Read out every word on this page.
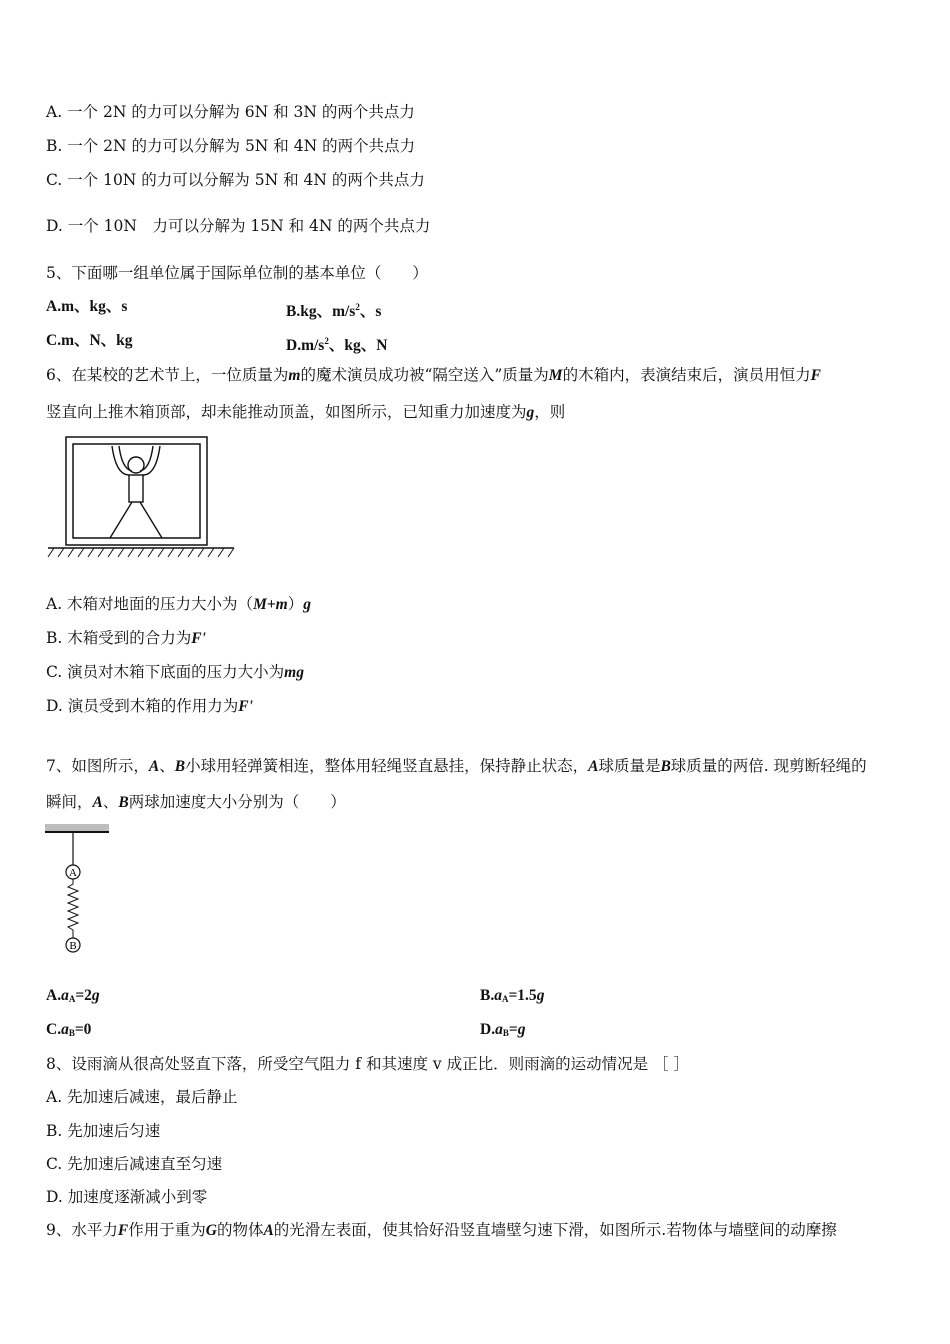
A. 一个 2N 的力可以分解为 6N 和 3N 的两个共点力
B. 一个 2N 的力可以分解为 5N 和 4N 的两个共点力
C. 一个 10N 的力可以分解为 5N 和 4N 的两个共点力
D. 一个 10N　力可以分解为 15N 和 4N 的两个共点力
5、下面哪一组单位属于国际单位制的基本单位（　　）
A.m、kg、s	B.kg、$m/s^2$、s
C.m、N、kg	$D.m/s^2$、kg、N
6、在某校的艺术节上，一位质量为m的魔术演员成功被“隔空送入”质量为M的木箱内，表演结束后，演员用恒力F
竖直向上推木箱顶部，却未能推动顶盖，如图所示，已知重力加速度为g，则
A. 木箱对地面的压力大小为（M+m）g
B. 木箱受到的合力为F'
C. 演员对木箱下底面的压力大小为mg
D. 演员受到木箱的作用力为F'
7、如图所示，A、B小球用轻弹簧相连，整体用轻绳竖直悬挂，保持静止状态，A球质量是B球质量的两倍. 现剪断轻绳的
瞬间，A、B两球加速度大小分别为（　　）
A
B
$A.a_A=2g$	$B.a_A=1.5g$
$C.a_B=0$	$D.a_B=g$
8、设雨滴从很高处竖直下落，所受空气阻力 f 和其速度 v 成正比．则雨滴的运动情况是 ［ ］
A. 先加速后减速，最后静止
B. 先加速后匀速
C. 先加速后减速直至匀速
D. 加速度逐渐减小到零
9、水平力F作用于重为G的物体A的光滑左表面，使其恰好沿竖直墙壁匀速下滑，如图所示.若物体与墙壁间的动摩擦
